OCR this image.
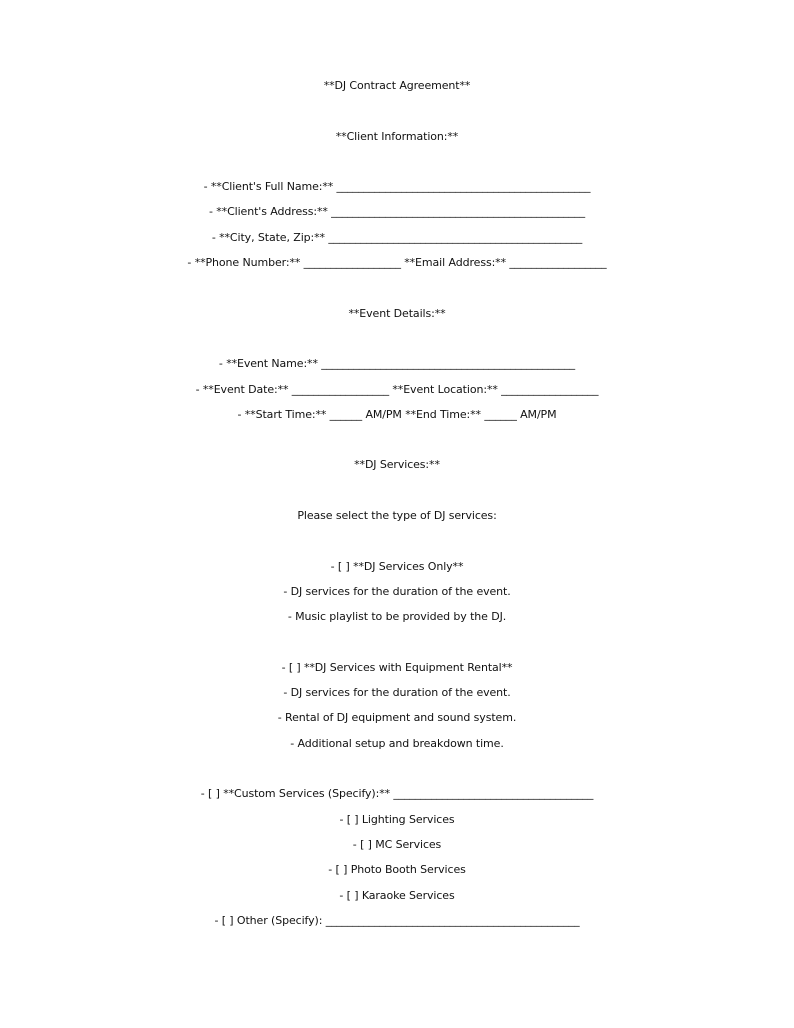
**DJ Contract Agreement**
**Client Information:**
- **Client's Full Name:** _______________________________________________
- **Client's Address:** _______________________________________________
- **City, State, Zip:** _______________________________________________
- **Phone Number:** __________________ **Email Address:** __________________
**Event Details:**
- **Event Name:** _______________________________________________
- **Event Date:** __________________ **Event Location:** __________________
- **Start Time:** ______ AM/PM **End Time:** ______ AM/PM
**DJ Services:**
Please select the type of DJ services:
- [ ] **DJ Services Only**
- DJ services for the duration of the event.
- Music playlist to be provided by the DJ.
- [ ] **DJ Services with Equipment Rental**
- DJ services for the duration of the event.
- Rental of DJ equipment and sound system.
- Additional setup and breakdown time.
- [ ] **Custom Services (Specify):** _____________________________________
- [ ] Lighting Services
- [ ] MC Services
- [ ] Photo Booth Services
- [ ] Karaoke Services
- [ ] Other (Specify): _______________________________________________
